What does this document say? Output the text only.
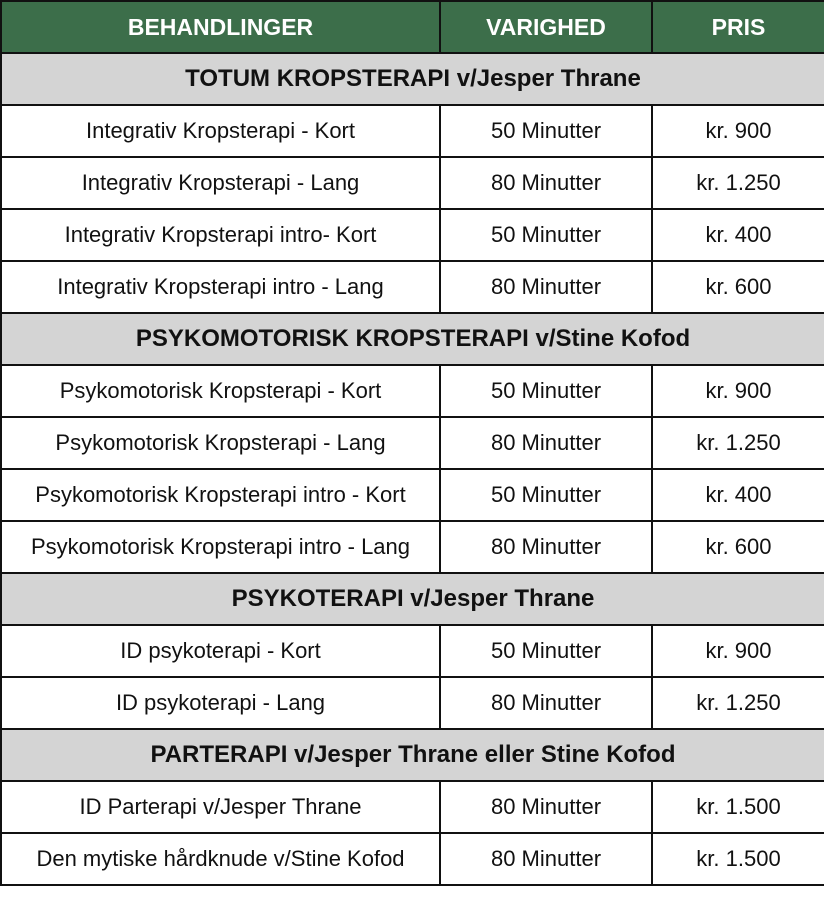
BEHANDLINGER	VARIGHED	PRIS
TOTUM KROPSTERAPI v/Jesper Thrane		
Integrativ Kropsterapi - Kort	50 Minutter	kr. 900
Integrativ Kropsterapi - Lang	80 Minutter	kr. 1.250
Integrativ Kropsterapi intro- Kort	50 Minutter	kr. 400
Integrativ Kropsterapi intro - Lang	80 Minutter	kr. 600
PSYKOMOTORISK KROPSTERAPI v/Stine Kofod		
Psykomotorisk Kropsterapi - Kort	50 Minutter	kr. 900
Psykomotorisk Kropsterapi - Lang	80 Minutter	kr. 1.250
Psykomotorisk Kropsterapi intro - Kort	50 Minutter	kr. 400
Psykomotorisk Kropsterapi intro - Lang	80 Minutter	kr. 600
PSYKOTERAPI v/Jesper Thrane		
ID psykoterapi - Kort	50 Minutter	kr. 900
ID psykoterapi - Lang	80 Minutter	kr. 1.250
PARTERAPI v/Jesper Thrane eller Stine Kofod		
ID Parterapi v/Jesper Thrane	80 Minutter	kr. 1.500
Den mytiske hårdknude v/Stine Kofod	80 Minutter	kr. 1.500
